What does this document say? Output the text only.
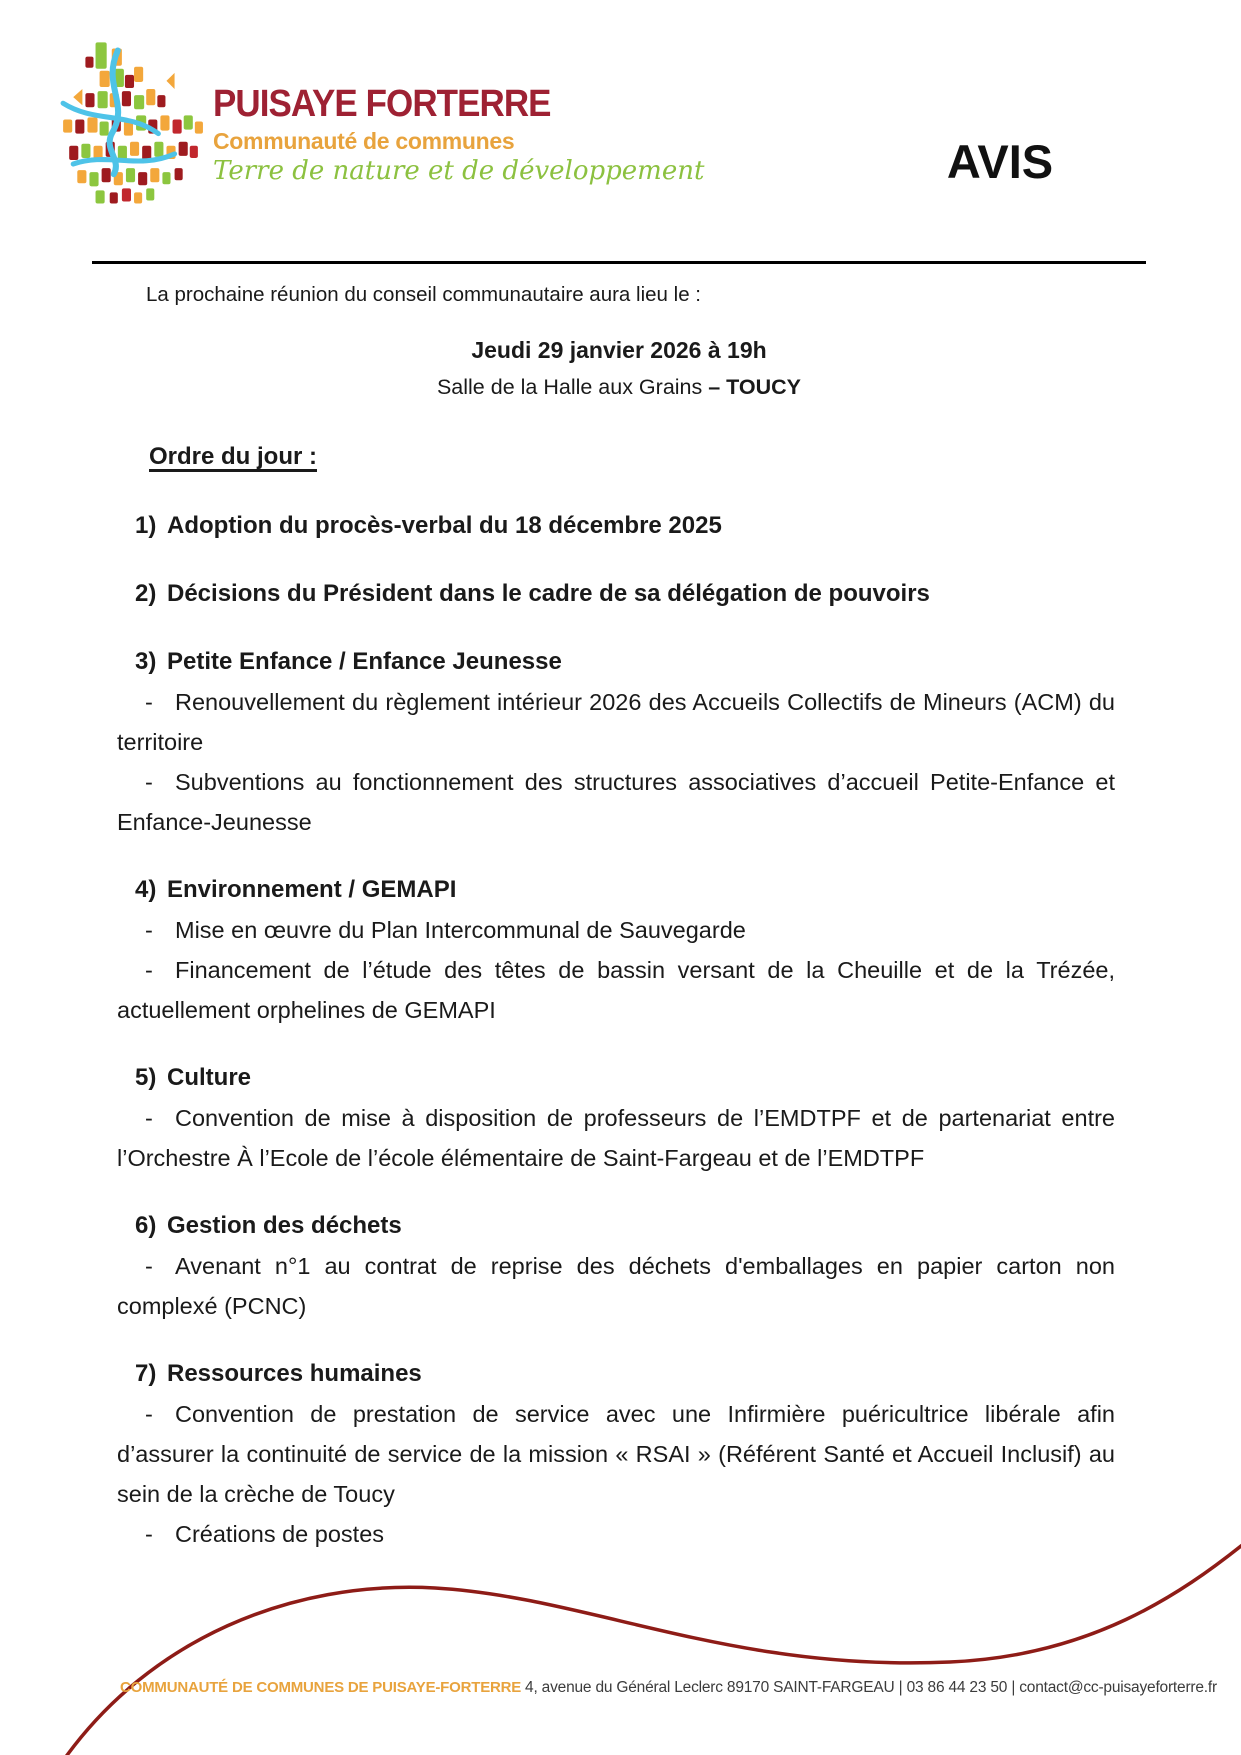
PUISAYE FORTERRE
Communauté de communes
Terre de nature et de développement	AVIS
La prochaine réunion du conseil communautaire aura lieu le :
Jeudi 29 janvier 2026 à 19h
Salle de la Halle aux Grains – TOUCY
Ordre du jour :

1) Adoption du procès-verbal du 18 décembre 2025

2) Décisions du Président dans le cadre de sa délégation de pouvoirs

3) Petite Enfance / Enfance Jeunesse

- Renouvellement du règlement intérieur 2026 des Accueils Collectifs de Mineurs (ACM) du territoire

- Subventions au fonctionnement des structures associatives d’accueil Petite-Enfance et Enfance-Jeunesse

4) Environnement / GEMAPI

- Mise en œuvre du Plan Intercommunal de Sauvegarde

- Financement de l’étude des têtes de bassin versant de la Cheuille et de la Trézée, actuellement orphelines de GEMAPI

5) Culture

- Convention de mise à disposition de professeurs de l’EMDTPF et de partenariat entre l’Orchestre À l’Ecole de l’école élémentaire de Saint-Fargeau et de l’EMDTPF

6) Gestion des déchets

- Avenant n°1 au contrat de reprise des déchets d'emballages en papier carton non complexé (PCNC)

7) Ressources humaines

- Convention de prestation de service avec une Infirmière puéricultrice libérale afin d’assurer la continuité de service de la mission « RSAI » (Référent Santé et Accueil Inclusif) au sein de la crèche de Toucy

- Créations de postes

COMMUNAUTÉ DE COMMUNES DE PUISAYE-FORTERRE 4, avenue du Général Leclerc 89170 SAINT-FARGEAU | 03 86 44 23 50 | contact@cc-puisayeforterre.fr
